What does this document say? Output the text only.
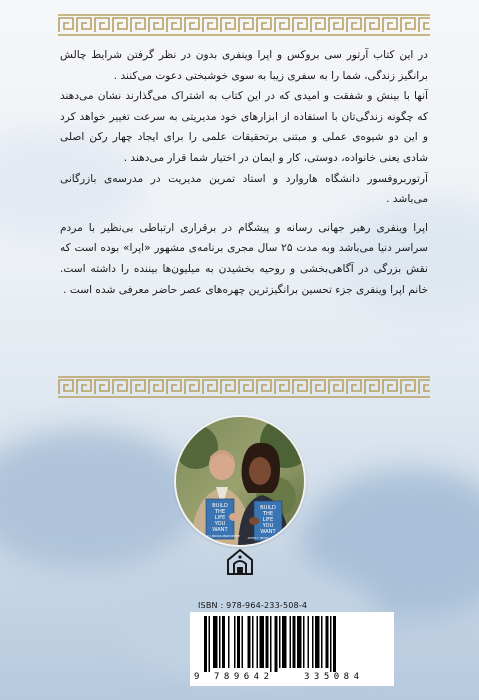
در این کتاب آرتور سی بروکس و اپرا وینفری بدون در نظر گرفتن شرایط چالش برانگیز زندگی، شما را به سفری زیبا به سوی خوشبختی دعوت می‌کنند .

آنها با بینش و شفقت و امیدی که در این کتاب به اشتراک می‌گذارند نشان می‌دهند که چگونه زندگی‌تان با استفاده از ابزارهای خود مدیریتی به سرعت تغییر خواهد کرد و این دو شیوه‌ی عملی و مبتنی برتحقیقات علمی را برای ایجاد چهار رکن اصلی شادی یعنی خانواده، دوستی، کار و ایمان در اختیار شما قرار می‌دهند .

آرتوربروفسور دانشگاه هاروارد و استاد تمرین مدیریت در مدرسه‌ی بازرگانی می‌باشد .

اپرا وینفری رهبر جهانی رسانه و پیشگام در برقراری ارتباطی بی‌نظیر با مردم سراسر دنیا می‌باشد وبه مدت ۲۵ سال مجری برنامه‌ی مشهور «اپرا» بوده است که نقش بزرگی در آگاهی‌بخشی و روحیه بخشیدن به میلیون‌ها بیننده را داشته است. خانم اپرا وینفری جزء تحسین برانگیزترین چهره‌های عصر حاضر معرفی شده است .

BUILD
THE
LIFE
YOU
WANT
ARTHUR C. BROOKS OPRAH WINFREY
BUILD
THE
LIFE
YOU
WANT
ARTHUR C. BROOKS OPRAH WINFREY
ISBN : 978-964-233-508-4
9 789642	335084
